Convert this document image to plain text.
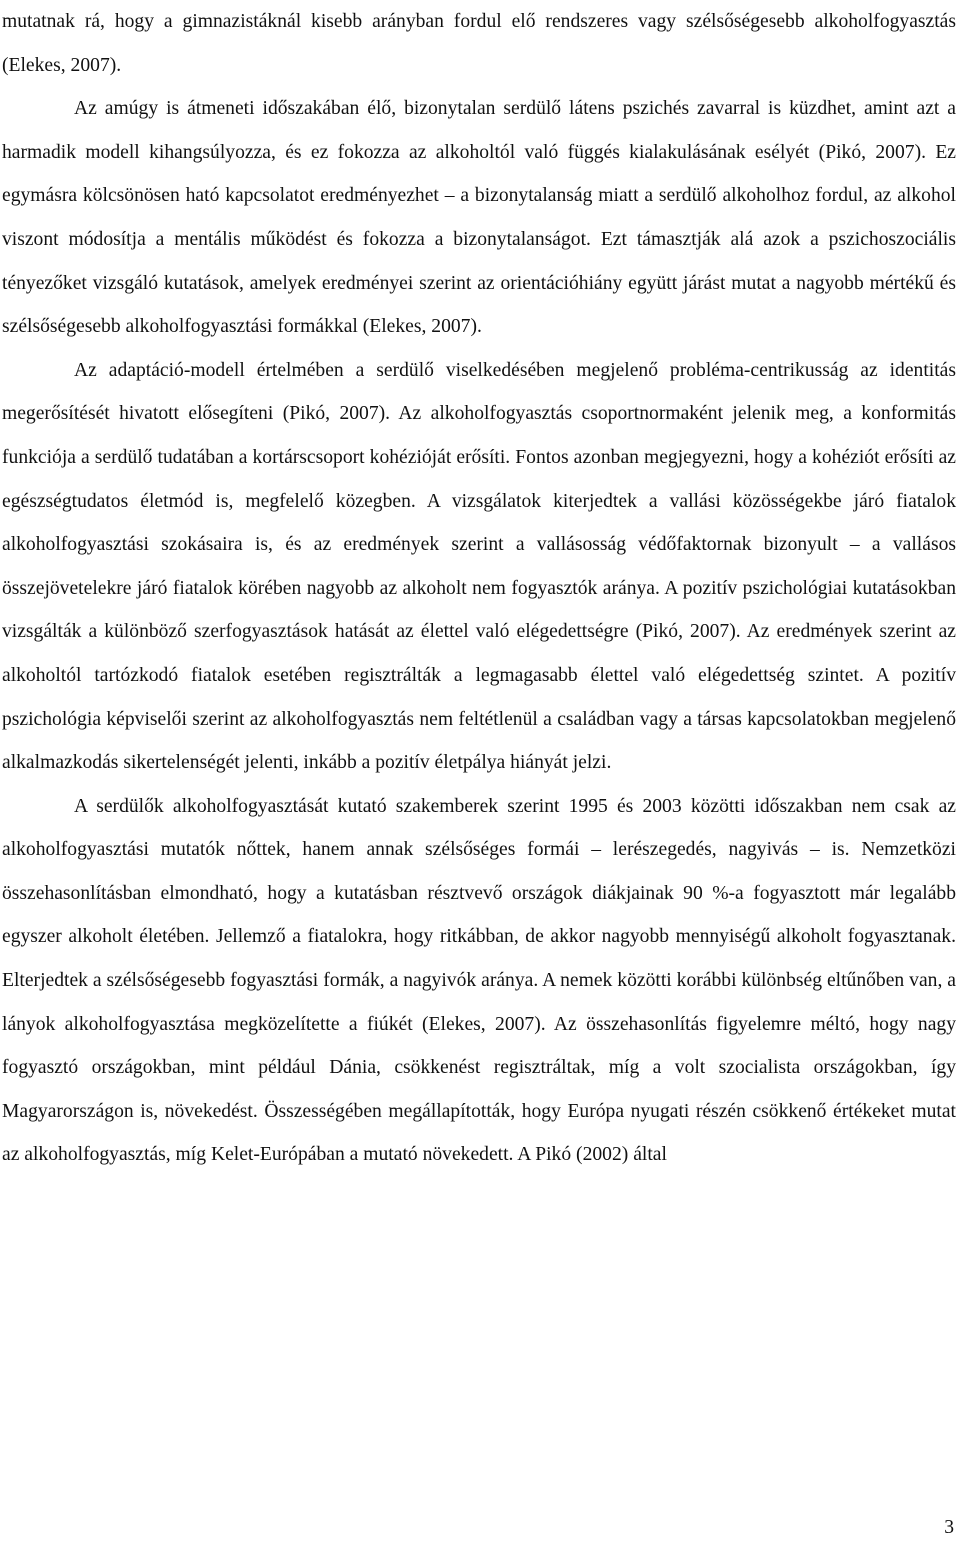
mutatnak rá, hogy a gimnazistáknál kisebb arányban fordul elő rendszeres vagy szélsőségesebb alkoholfogyasztás (Elekes, 2007).

Az amúgy is átmeneti időszakában élő, bizonytalan serdülő látens pszichés zavarral is küzdhet, amint azt a harmadik modell kihangsúlyozza, és ez fokozza az alkoholtól való függés kialakulásának esélyét (Pikó, 2007). Ez egymásra kölcsönösen ható kapcsolatot eredményezhet – a bizonytalanság miatt a serdülő alkoholhoz fordul, az alkohol viszont módosítja a mentális működést és fokozza a bizonytalanságot. Ezt támasztják alá azok a pszichoszociális tényezőket vizsgáló kutatások, amelyek eredményei szerint az orientációhiány együtt járást mutat a nagyobb mértékű és szélsőségesebb alkoholfogyasztási formákkal (Elekes, 2007).

Az adaptáció-modell értelmében a serdülő viselkedésében megjelenő probléma-centrikusság az identitás megerősítését hivatott elősegíteni (Pikó, 2007). Az alkoholfogyasztás csoportnormaként jelenik meg, a konformitás funkciója a serdülő tudatában a kortárscsoport kohézióját erősíti. Fontos azonban megjegyezni, hogy a kohéziót erősíti az egészségtudatos életmód is, megfelelő közegben. A vizsgálatok kiterjedtek a vallási közösségekbe járó fiatalok alkoholfogyasztási szokásaira is, és az eredmények szerint a vallásosság védőfaktornak bizonyult – a vallásos összejövetelekre járó fiatalok körében nagyobb az alkoholt nem fogyasztók aránya. A pozitív pszichológiai kutatásokban vizsgálták a különböző szerfogyasztások hatását az élettel való elégedettségre (Pikó, 2007). Az eredmények szerint az alkoholtól tartózkodó fiatalok esetében regisztrálták a legmagasabb élettel való elégedettség szintet. A pozitív pszichológia képviselői szerint az alkoholfogyasztás nem feltétlenül a családban vagy a társas kapcsolatokban megjelenő alkalmazkodás sikertelenségét jelenti, inkább a pozitív életpálya hiányát jelzi.

A serdülők alkoholfogyasztását kutató szakemberek szerint 1995 és 2003 közötti időszakban nem csak az alkoholfogyasztási mutatók nőttek, hanem annak szélsőséges formái – lerészegedés, nagyivás – is. Nemzetközi összehasonlításban elmondható, hogy a kutatásban résztvevő országok diákjainak 90 %-a fogyasztott már legalább egyszer alkoholt életében. Jellemző a fiatalokra, hogy ritkábban, de akkor nagyobb mennyiségű alkoholt fogyasztanak. Elterjedtek a szélsőségesebb fogyasztási formák, a nagyivók aránya. A nemek közötti korábbi különbség eltűnőben van, a lányok alkoholfogyasztása megközelítette a fiúkét (Elekes, 2007). Az összehasonlítás figyelemre méltó, hogy nagy fogyasztó országokban, mint például Dánia, csökkenést regisztráltak, míg a volt szocialista országokban, így Magyarországon is, növekedést. Összességében megállapították, hogy Európa nyugati részén csökkenő értékeket mutat az alkoholfogyasztás, míg Kelet-Európában a mutató növekedett. A Pikó (2002) által

3
